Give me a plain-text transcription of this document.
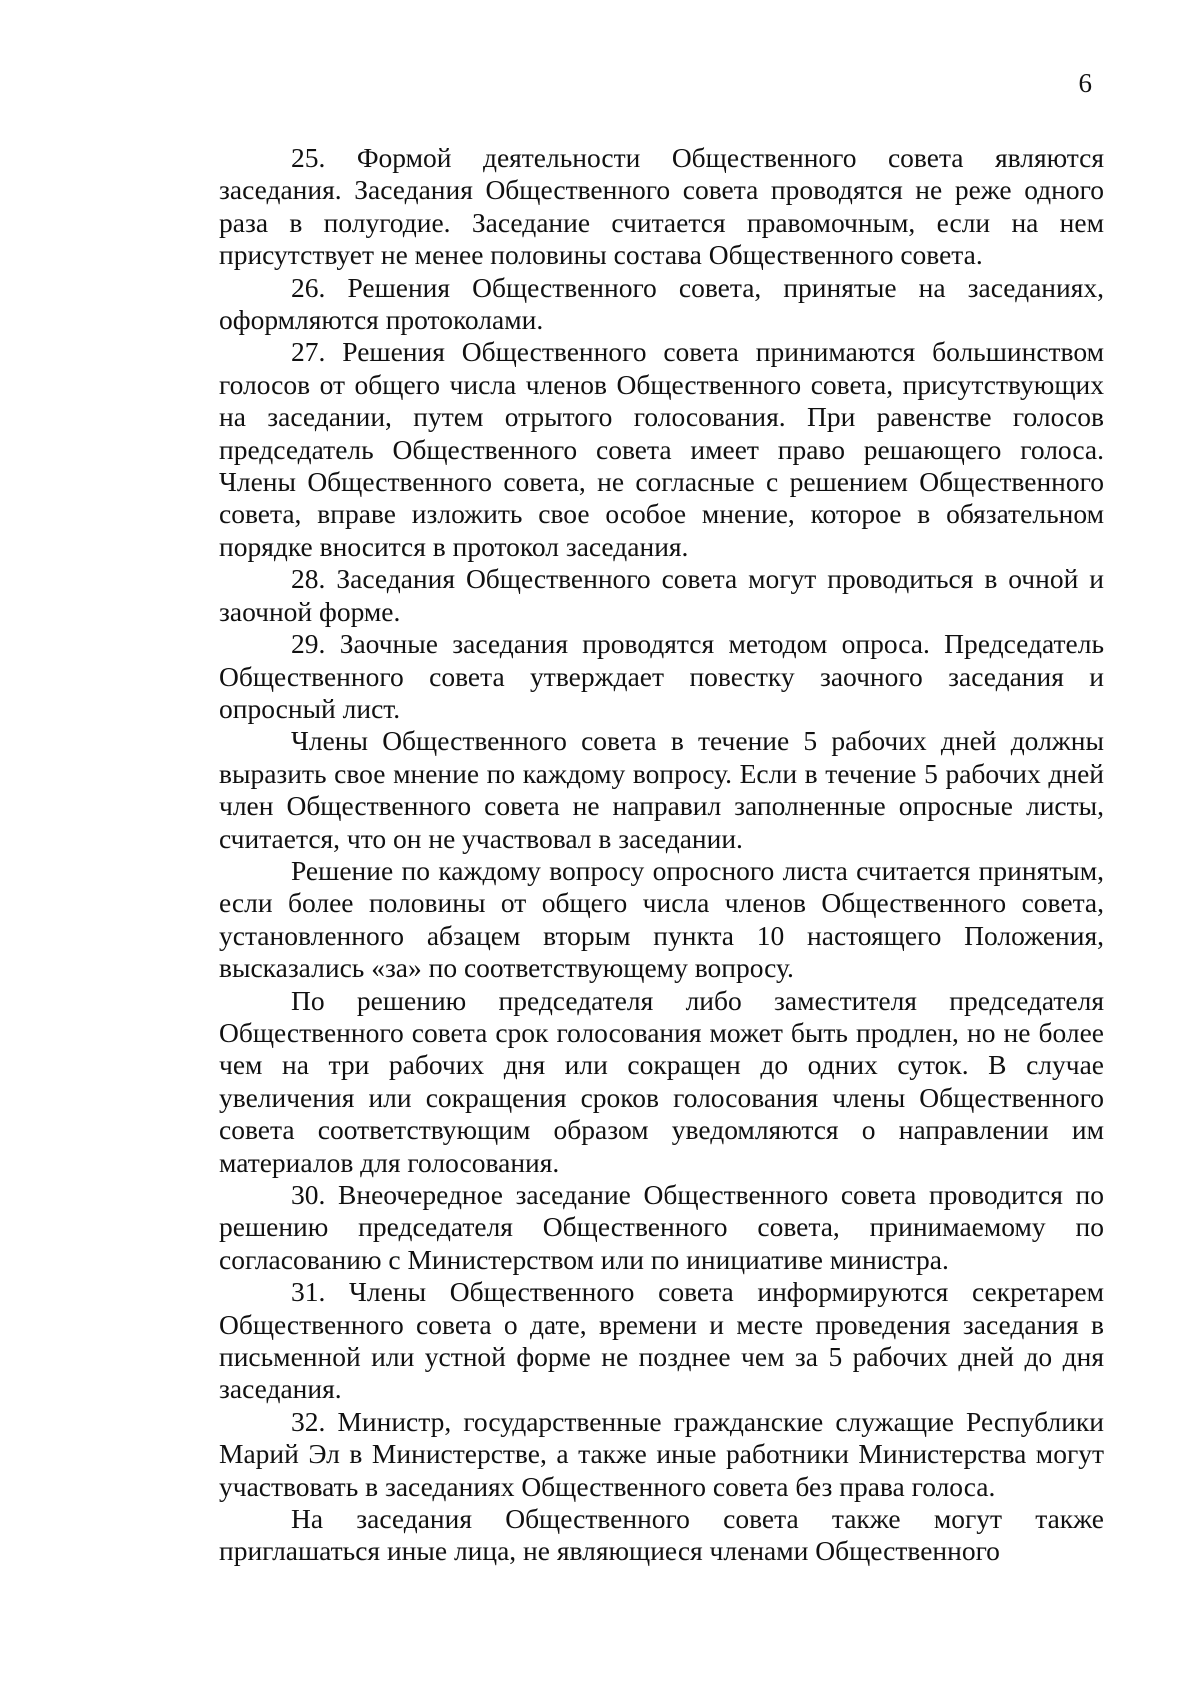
6

25. Формой деятельности Общественного совета являются заседания. Заседания Общественного совета проводятся не реже одного раза в полугодие. Заседание считается правомочным, если на нем присутствует не менее половины состава Общественного совета.

26. Решения Общественного совета, принятые на заседаниях, оформляются протоколами.

27. Решения Общественного совета принимаются большинством голосов от общего числа членов Общественного совета, присутствующих на заседании, путем отрытого голосования. При равенстве голосов председатель Общественного совета имеет право решающего голоса. Члены Общественного совета, не согласные с решением Общественного совета, вправе изложить свое особое мнение, которое в обязательном порядке вносится в протокол заседания.

28. Заседания Общественного совета могут проводиться в очной и заочной форме.

29. Заочные заседания проводятся методом опроса. Председатель Общественного совета утверждает повестку заочного заседания и опросный лист.

Члены Общественного совета в течение 5 рабочих дней должны выразить свое мнение по каждому вопросу. Если в течение 5 рабочих дней член Общественного совета не направил заполненные опросные листы, считается, что он не участвовал в заседании.

Решение по каждому вопросу опросного листа считается принятым, если более половины от общего числа членов Общественного совета, установленного абзацем вторым пункта 10 настоящего Положения, высказались «за» по соответствующему вопросу.

По решению председателя либо заместителя председателя Общественного совета срок голосования может быть продлен, но не более чем на три рабочих дня или сокращен до одних суток. В случае увеличения или сокращения сроков голосования члены Общественного совета соответствующим образом уведомляются о направлении им материалов для голосования.

30. Внеочередное заседание Общественного совета проводится по решению председателя Общественного совета, принимаемому по согласованию с Министерством или по инициативе министра.

31. Члены Общественного совета информируются секретарем Общественного совета о дате, времени и месте проведения заседания в письменной или устной форме не позднее чем за 5 рабочих дней до дня заседания.

32. Министр, государственные гражданские служащие Республики Марий Эл в Министерстве, а также иные работники Министерства могут участвовать в заседаниях Общественного совета без права голоса.

На заседания Общественного совета также могут также приглашаться иные лица, не являющиеся членами Общественного
